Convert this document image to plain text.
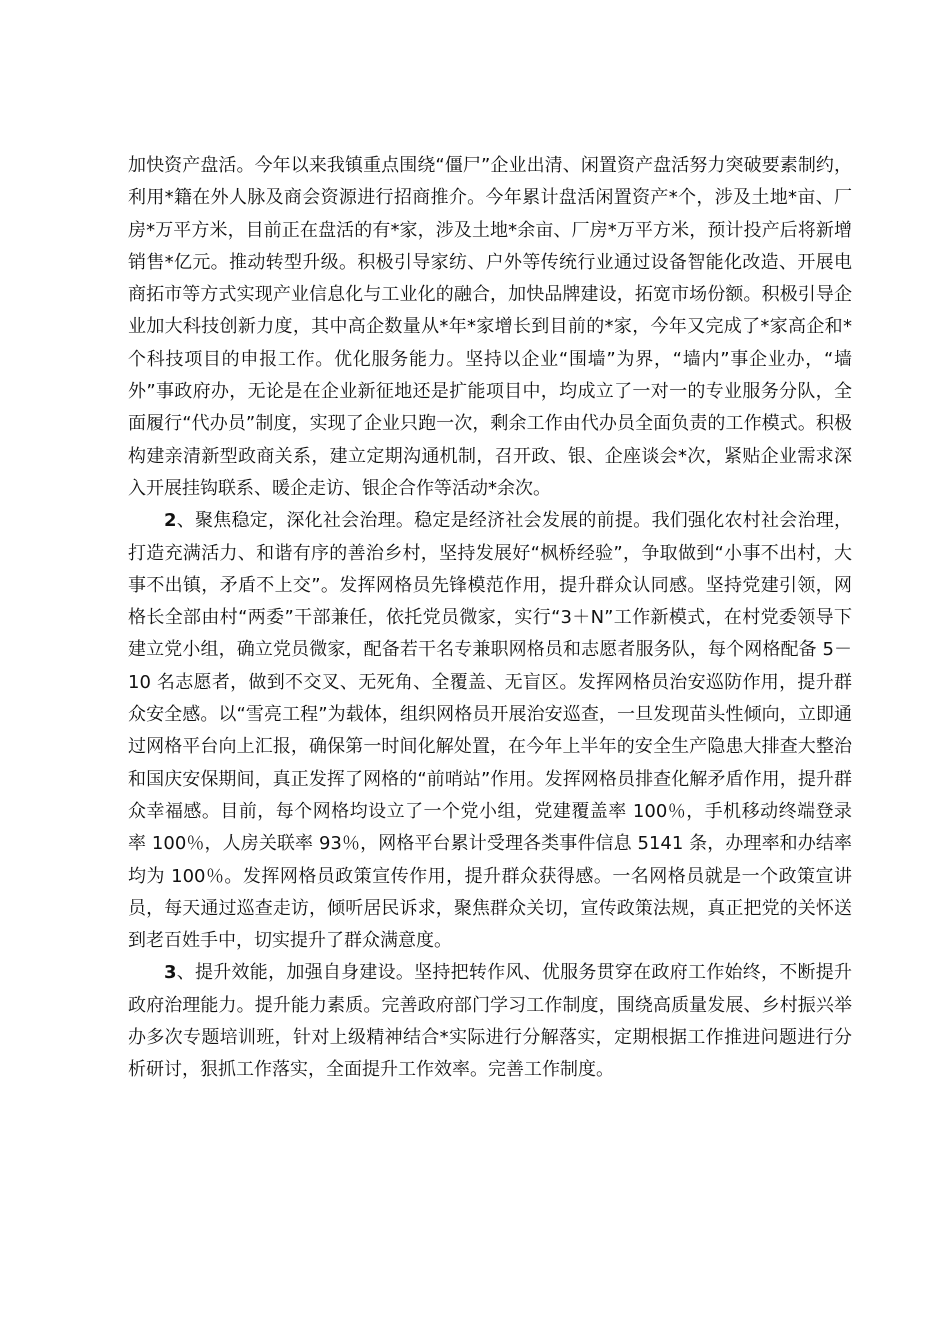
加快资产盘活。今年以来我镇重点围绕“僵尸”企业出清、闲置资产盘活努力突破要素制约，利用*籍在外人脉及商会资源进行招商推介。今年累计盘活闲置资产*个，涉及土地*亩、厂房*万平方米，目前正在盘活的有*家，涉及土地*余亩、厂房*万平方米，预计投产后将新增销售*亿元。推动转型升级。积极引导家纺、户外等传统行业通过设备智能化改造、开展电商拓市等方式实现产业信息化与工业化的融合，加快品牌建设，拓宽市场份额。积极引导企业加大科技创新力度，其中高企数量从*年*家增长到目前的*家，今年又完成了*家高企和*个科技项目的申报工作。优化服务能力。坚持以企业“围墙”为界，“墙内”事企业办，“墙外”事政府办，无论是在企业新征地还是扩能项目中，均成立了一对一的专业服务分队，全面履行“代办员”制度，实现了企业只跑一次，剩余工作由代办员全面负责的工作模式。积极构建亲清新型政商关系，建立定期沟通机制，召开政、银、企座谈会*次，紧贴企业需求深入开展挂钩联系、暖企走访、银企合作等活动*余次。

2、聚焦稳定，深化社会治理。稳定是经济社会发展的前提。我们强化农村社会治理，打造充满活力、和谐有序的善治乡村，坚持发展好“枫桥经验”，争取做到“小事不出村，大事不出镇，矛盾不上交”。发挥网格员先锋模范作用，提升群众认同感。坚持党建引领，网格长全部由村“两委”干部兼任，依托党员微家，实行“3＋N”工作新模式，在村党委领导下建立党小组，确立党员微家，配备若干名专兼职网格员和志愿者服务队，每个网格配备 5－10 名志愿者，做到不交叉、无死角、全覆盖、无盲区。发挥网格员治安巡防作用，提升群众安全感。以“雪亮工程”为载体，组织网格员开展治安巡查，一旦发现苗头性倾向，立即通过网格平台向上汇报，确保第一时间化解处置，在今年上半年的安全生产隐患大排查大整治和国庆安保期间，真正发挥了网格的“前哨站”作用。发挥网格员排查化解矛盾作用，提升群众幸福感。目前，每个网格均设立了一个党小组，党建覆盖率 100％，手机移动终端登录率 100％，人房关联率 93％，网格平台累计受理各类事件信息 5141 条，办理率和办结率均为 100％。发挥网格员政策宣传作用，提升群众获得感。一名网格员就是一个政策宣讲员，每天通过巡查走访，倾听居民诉求，聚焦群众关切，宣传政策法规，真正把党的关怀送到老百姓手中，切实提升了群众满意度。

3、提升效能，加强自身建设。坚持把转作风、优服务贯穿在政府工作始终，不断提升政府治理能力。提升能力素质。完善政府部门学习工作制度，围绕高质量发展、乡村振兴举办多次专题培训班，针对上级精神结合*实际进行分解落实，定期根据工作推进问题进行分析研讨，狠抓工作落实，全面提升工作效率。完善工作制度。
